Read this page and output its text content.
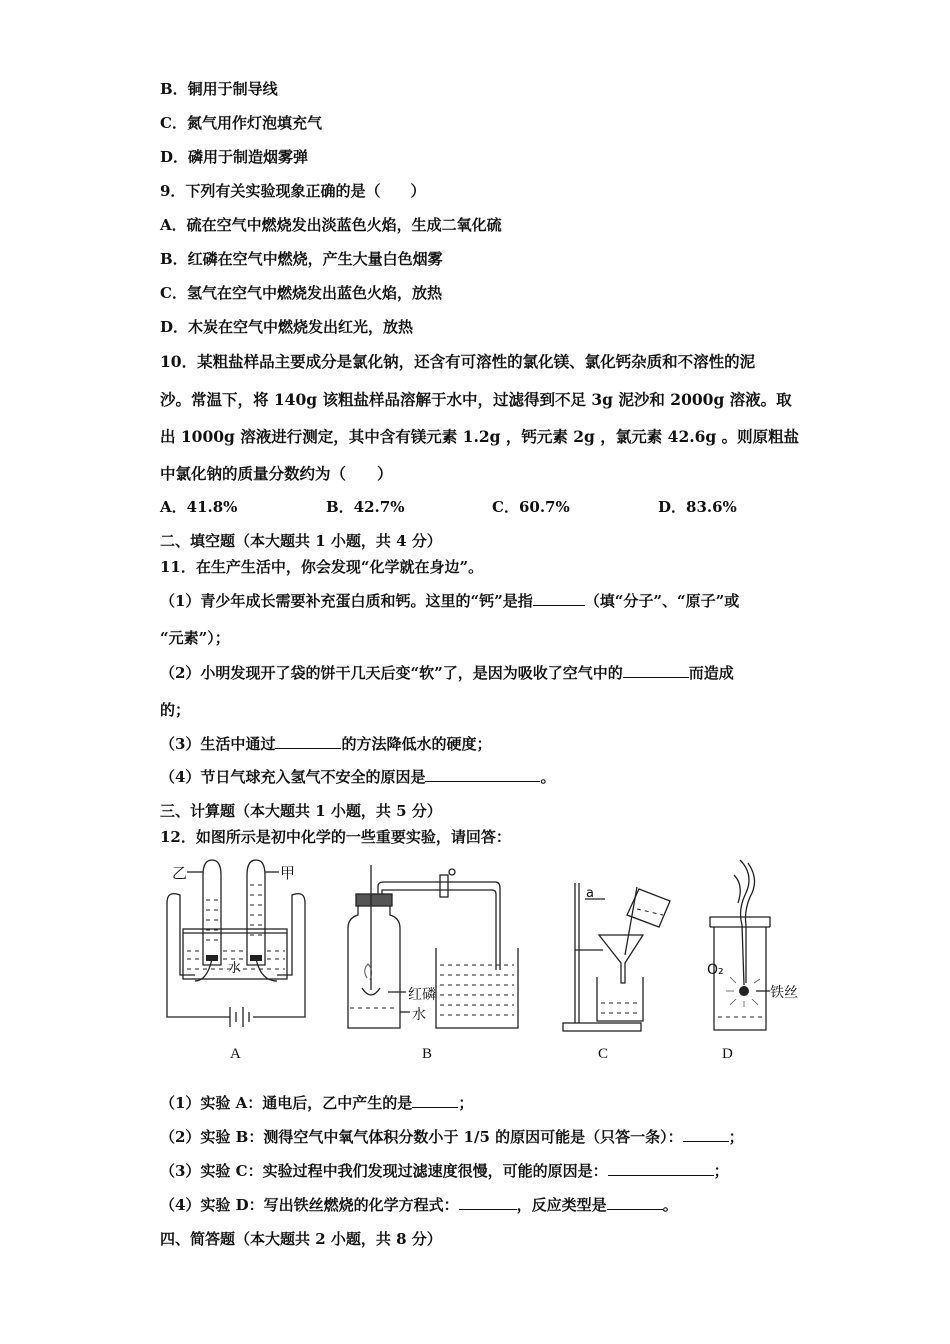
B．铜用于制导线
C．氮气用作灯泡填充气
D．磷用于制造烟雾弹
9．下列有关实验现象正确的是（　　）
A．硫在空气中燃烧发出淡蓝色火焰，生成二氧化硫
B．红磷在空气中燃烧，产生大量白色烟雾
C．氢气在空气中燃烧发出蓝色火焰，放热
D．木炭在空气中燃烧发出红光，放热
10．某粗盐样品主要成分是氯化钠，还含有可溶性的氯化镁、氯化钙杂质和不溶性的泥
沙。常温下，将 140g 该粗盐样品溶解于水中，过滤得到不足 3g 泥沙和 2000g 溶液。取
出 1000g 溶液进行测定，其中含有镁元素 1.2g ，钙元素 2g ，氯元素 42.6g 。则原粗盐
中氯化钠的质量分数约为（　　）
A．41.8%	B．42.7%	C．60.7%	D．83.6%
二、填空题（本大题共 1 小题，共 4 分）
11．在生产生活中，你会发现“化学就在身边”。
（1）青少年成长需要补充蛋白质和钙。这里的“钙”是指	（填“分子”、“原子”或
“元素”）；
（2）小明发现开了袋的饼干几天后变“软”了，是因为吸收了空气中的	而造成
的；
（3）生活中通过	的方法降低水的硬度；
（4）节日气球充入氢气不安全的原因是	。
三、计算题（本大题共 1 小题，共 5 分）
12．如图所示是初中化学的一些重要实验，请回答：
乙	甲
水
红磷
水
a
O₂
铁丝
A	B	C	D
（1）实验 A：通电后，乙中产生的是	；
（2）实验 B：测得空气中氧气体积分数小于 1/5 的原因可能是（只答一条）：	；
（3）实验 C：实验过程中我们发现过滤速度很慢，可能的原因是：	；
（4）实验 D：写出铁丝燃烧的化学方程式：	，反应类型是	。
四、简答题（本大题共 2 小题，共 8 分）
